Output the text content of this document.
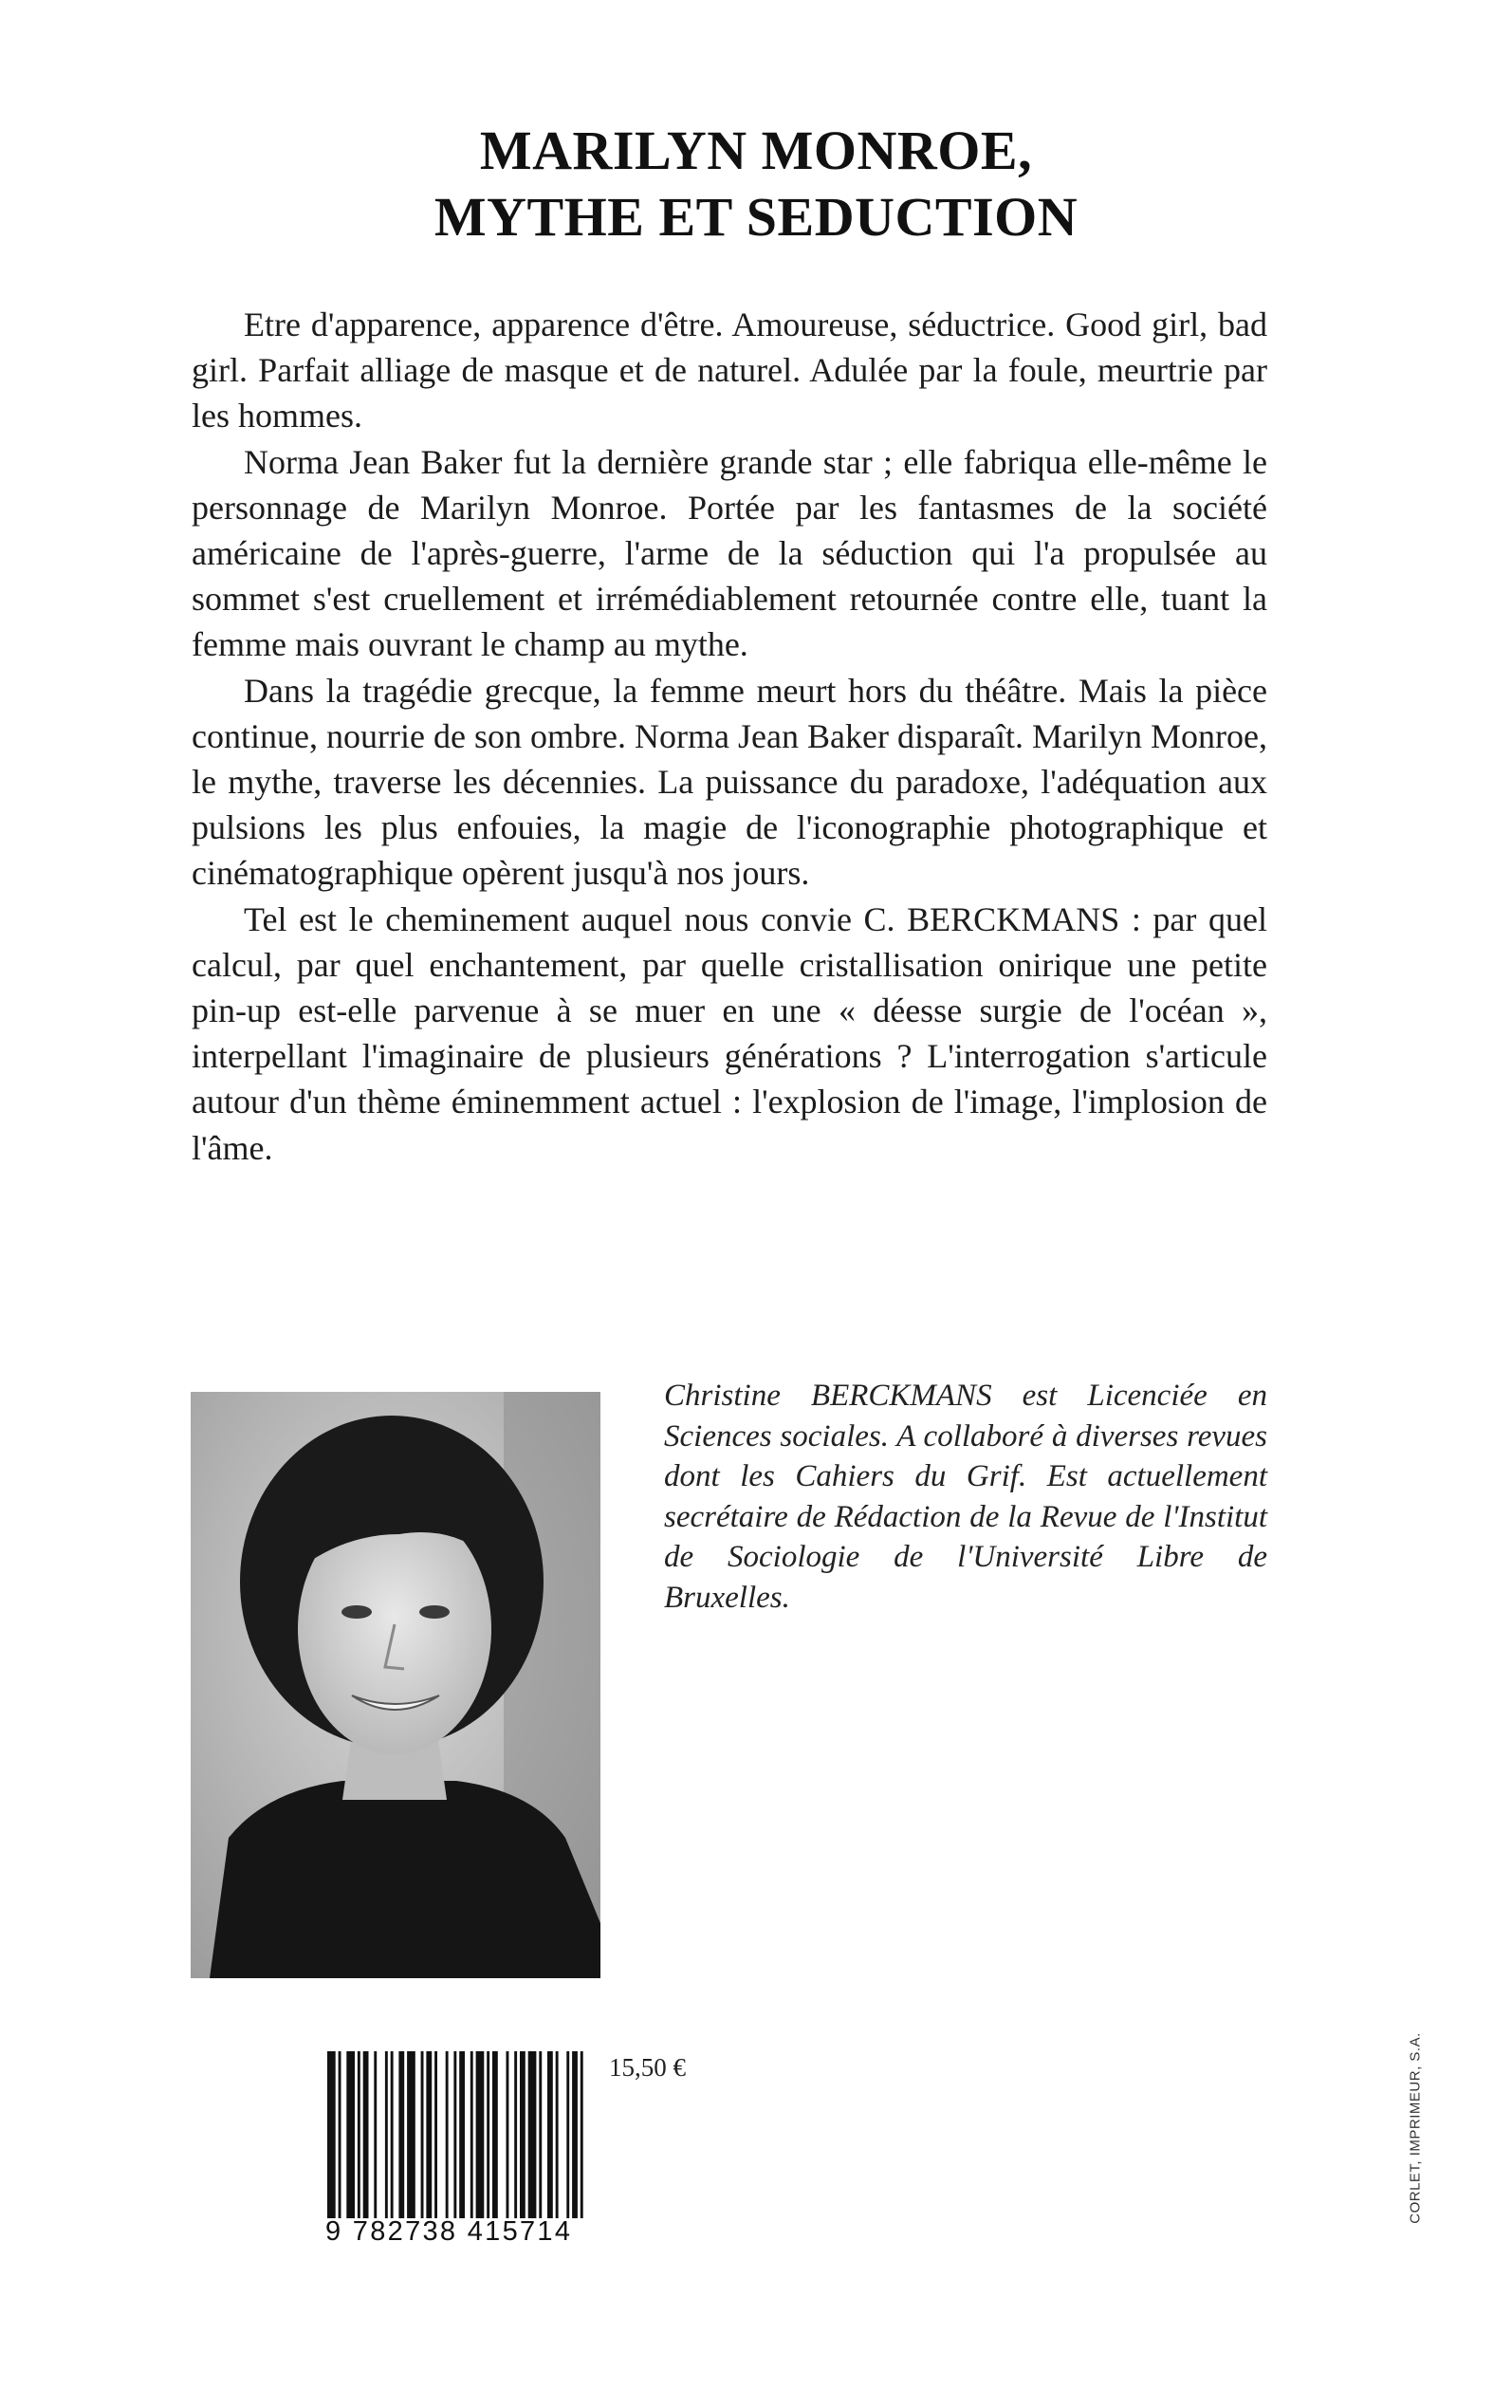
MARILYN MONROE,
MYTHE ET SEDUCTION

Etre d'apparence, apparence d'être. Amoureuse, séductrice. Good girl, bad girl. Parfait alliage de masque et de naturel. Adulée par la foule, meurtrie par les hommes.

Norma Jean Baker fut la dernière grande star ; elle fabriqua elle-même le personnage de Marilyn Monroe. Portée par les fantasmes de la société américaine de l'après-guerre, l'arme de la séduction qui l'a propulsée au sommet s'est cruellement et irrémédiablement retournée contre elle, tuant la femme mais ouvrant le champ au mythe.

Dans la tragédie grecque, la femme meurt hors du théâtre. Mais la pièce continue, nourrie de son ombre. Norma Jean Baker disparaît. Marilyn Monroe, le mythe, traverse les décennies. La puissance du paradoxe, l'adéquation aux pulsions les plus enfouies, la magie de l'iconographie photographique et cinématographique opèrent jusqu'à nos jours.

Tel est le cheminement auquel nous convie C. BERCKMANS : par quel calcul, par quel enchantement, par quelle cristallisation onirique une petite pin-up est-elle parvenue à se muer en une « déesse surgie de l'océan », interpellant l'imaginaire de plusieurs générations ? L'interrogation s'articule autour d'un thème éminemment actuel : l'explosion de l'image, l'implosion de l'âme.

Christine BERCKMANS est Licenciée en Sciences sociales. A collaboré à diverses revues dont les Cahiers du Grif. Est actuellement secrétaire de Rédaction de la Revue de l'Institut de Sociologie de l'Université Libre de Bruxelles.
9 782738 415714
15,50 €	CORLET, IMPRIMEUR, S.A.
